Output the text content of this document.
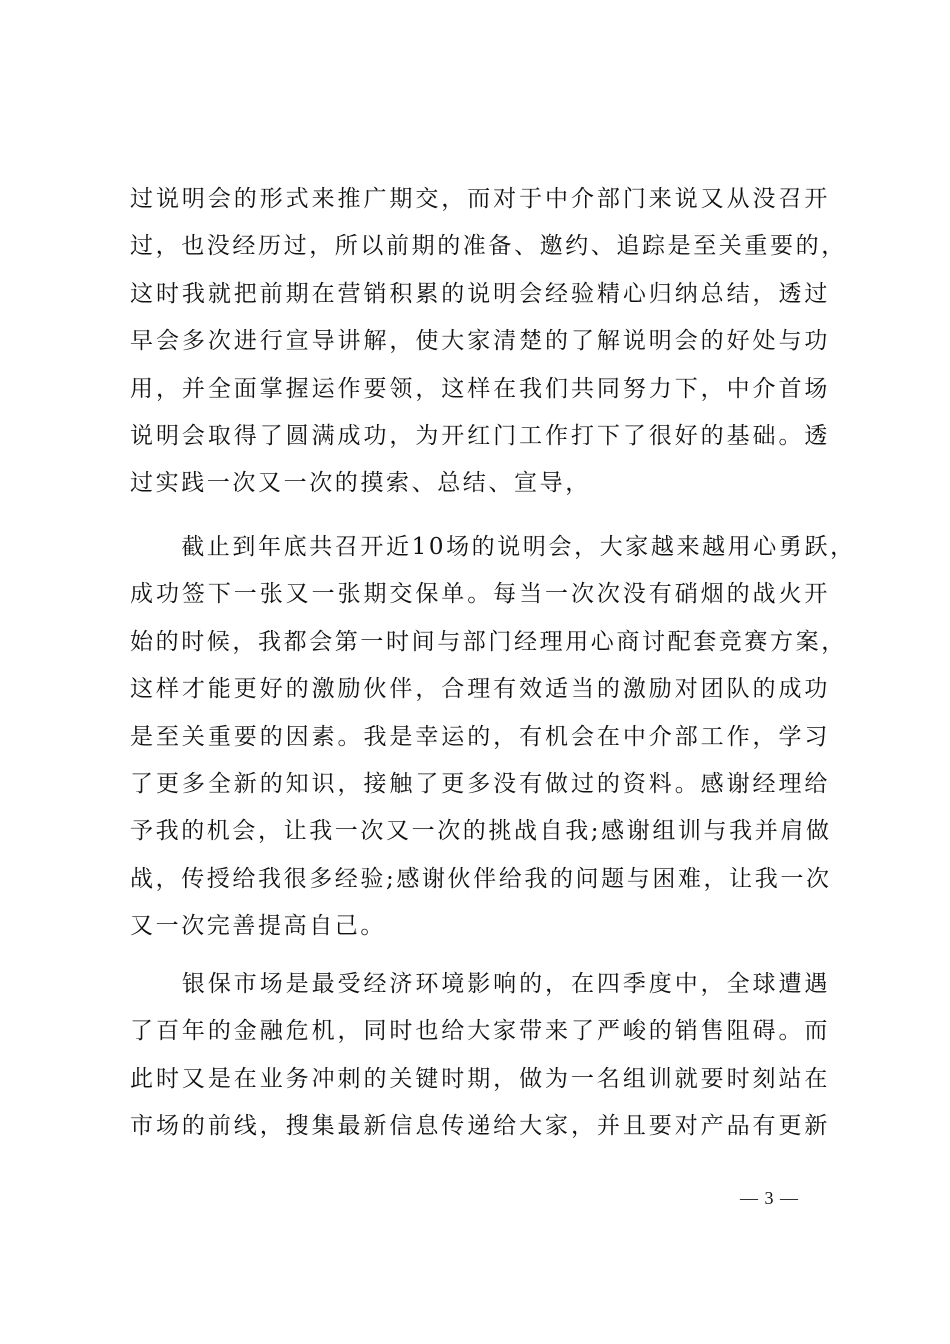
过说明会的形式来推广期交，而对于中介部门来说又从没召开
过，也没经历过，所以前期的准备、邀约、追踪是至关重要的，
这时我就把前期在营销积累的说明会经验精心归纳总结，透过
早会多次进行宣导讲解，使大家清楚的了解说明会的好处与功
用，并全面掌握运作要领，这样在我们共同努力下，中介首场
说明会取得了圆满成功，为开红门工作打下了很好的基础。透
过实践一次又一次的摸索、总结、宣导，
　　截止到年底共召开近10场的说明会，大家越来越用心勇跃，
成功签下一张又一张期交保单。每当一次次没有硝烟的战火开
始的时候，我都会第一时间与部门经理用心商讨配套竞赛方案，
这样才能更好的激励伙伴，合理有效适当的激励对团队的成功
是至关重要的因素。我是幸运的，有机会在中介部工作，学习
了更多全新的知识，接触了更多没有做过的资料。感谢经理给
予我的机会，让我一次又一次的挑战自我;感谢组训与我并肩做
战，传授给我很多经验;感谢伙伴给我的问题与困难，让我一次
又一次完善提高自己。
　　银保市场是最受经济环境影响的，在四季度中，全球遭遇
了百年的金融危机，同时也给大家带来了严峻的销售阻碍。而
此时又是在业务冲刺的关键时期，做为一名组训就要时刻站在
市场的前线，搜集最新信息传递给大家，并且要对产品有更新
— 3 —
